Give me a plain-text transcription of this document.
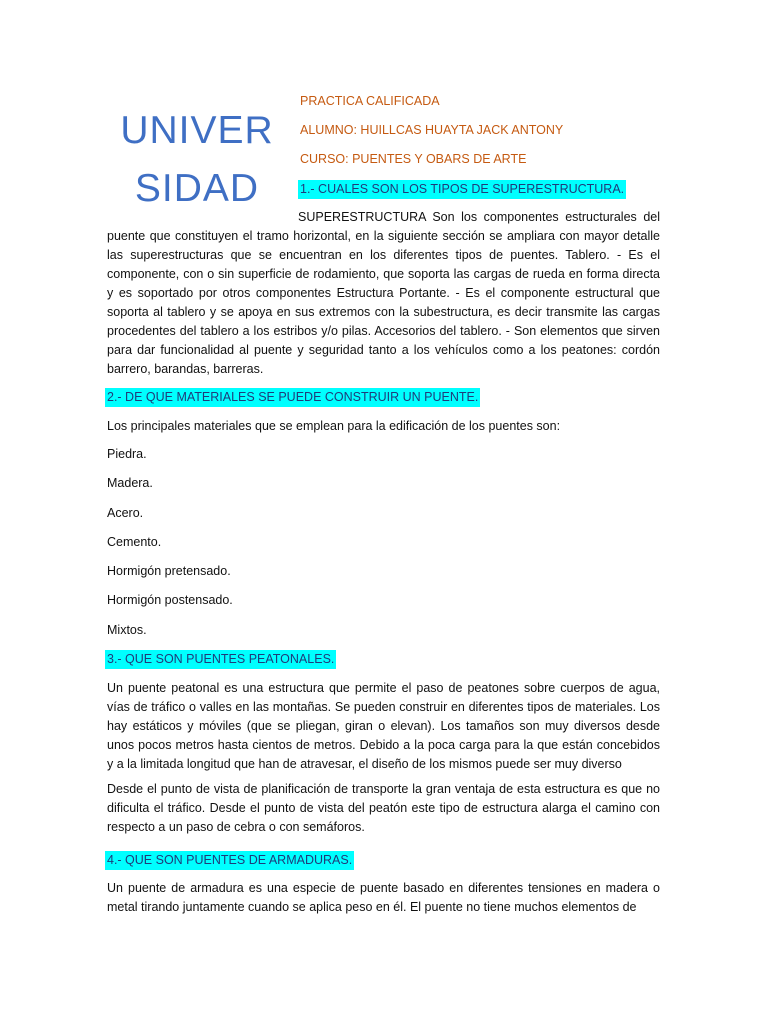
UNIVER
SIDAD
PRACTICA CALIFICADA
ALUMNO: HUILLCAS HUAYTA JACK ANTONY
CURSO: PUENTES Y OBARS DE ARTE
1.- CUALES SON LOS TIPOS DE SUPERESTRUCTURA.

SUPERESTRUCTURA Son los componentes estructurales del puente que constituyen el tramo horizontal, en la siguiente sección se ampliara con mayor detalle las superestructuras que se encuentran en los diferentes tipos de puentes. Tablero. - Es el componente, con o sin superficie de rodamiento, que soporta las cargas de rueda en forma directa y es soportado por otros componentes Estructura Portante. - Es el componente estructural que soporta al tablero y se apoya en sus extremos con la subestructura, es decir transmite las cargas procedentes del tablero a los estribos y/o pilas. Accesorios del tablero. - Son elementos que sirven para dar funcionalidad al puente y seguridad tanto a los vehículos como a los peatones: cordón barrero, barandas, barreras.

2.- DE QUE MATERIALES SE PUEDE CONSTRUIR UN PUENTE.

Los principales materiales que se emplean para la edificación de los puentes son:

Piedra.
Madera.
Acero.
Cemento.
Hormigón pretensado.
Hormigón postensado.
Mixtos.
3.- QUE SON PUENTES PEATONALES.

Un puente peatonal es una estructura que permite el paso de peatones sobre cuerpos de agua, vías de tráfico o valles en las montañas. Se pueden construir en diferentes tipos de materiales. Los hay estáticos y móviles (que se pliegan, giran o elevan). Los tamaños son muy diversos desde unos pocos metros hasta cientos de metros. Debido a la poca carga para la que están concebidos y a la limitada longitud que han de atravesar, el diseño de los mismos puede ser muy diverso

Desde el punto de vista de planificación de transporte la gran ventaja de esta estructura es que no dificulta el tráfico. Desde el punto de vista del peatón este tipo de estructura alarga el camino con respecto a un paso de cebra o con semáforos.

4.- QUE SON PUENTES DE ARMADURAS.

Un puente de armadura es una especie de puente basado en diferentes tensiones en madera o metal tirando juntamente cuando se aplica peso en él. El puente no tiene muchos elementos de
